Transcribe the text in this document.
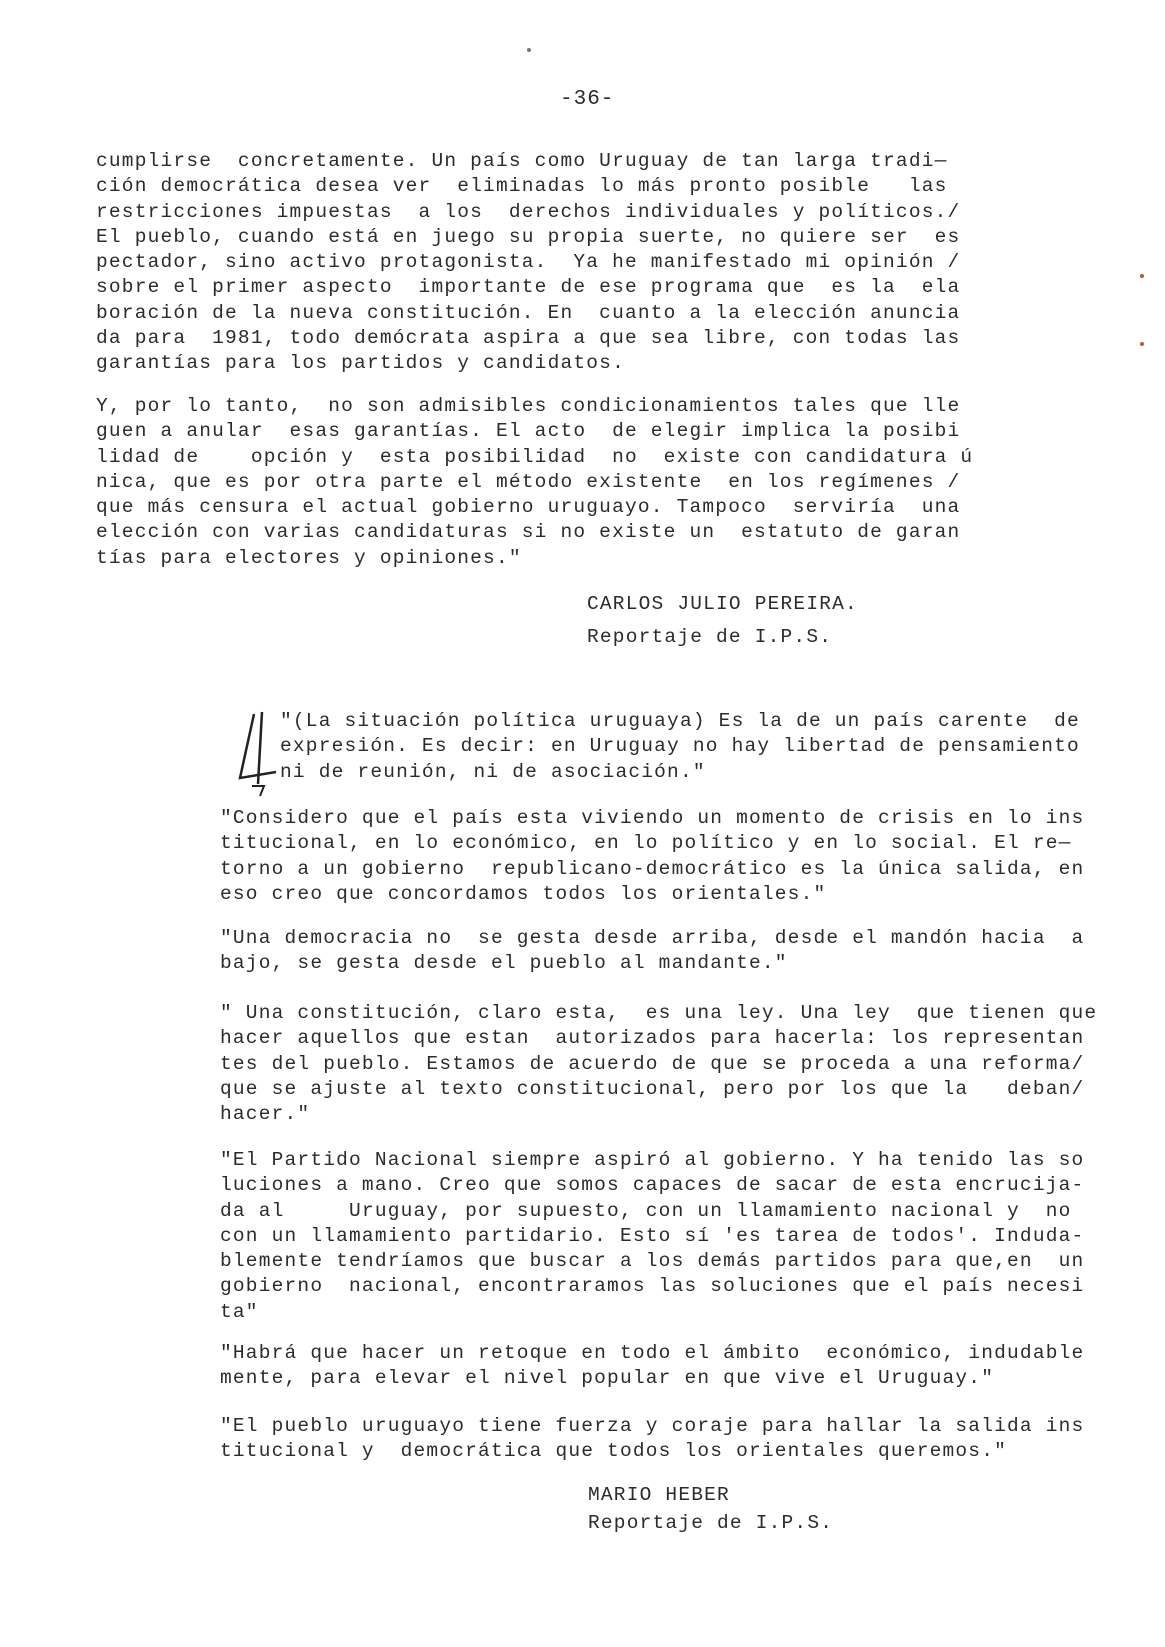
-36-
cumplirse  concretamente. Un país como Uruguay de tan larga tradi—
ción democrática desea ver  eliminadas lo más pronto posible   las
restricciones impuestas  a los  derechos individuales y políticos./
El pueblo, cuando está en juego su propia suerte, no quiere ser  es
pectador, sino activo protagonista.  Ya he manifestado mi opinión /
sobre el primer aspecto  importante de ese programa que  es la  ela
boración de la nueva constitución. En  cuanto a la elección anuncia
da para  1981, todo demócrata aspira a que sea libre, con todas las
garantías para los partidos y candidatos.
Y, por lo tanto,  no son admisibles condicionamientos tales que lle
guen a anular  esas garantías. El acto  de elegir implica la posibi
lidad de    opción y  esta posibilidad  no  existe con candidatura ú
nica, que es por otra parte el método existente  en los regímenes /
que más censura el actual gobierno uruguayo. Tampoco  serviría  una
elección con varias candidaturas si no existe un  estatuto de garan
tías para electores y opiniones."
CARLOS JULIO PEREIRA.
Reportaje de I.P.S.
"(La situación política uruguaya) Es la de un país carente  de
expresión. Es decir: en Uruguay no hay libertad de pensamiento
ni de reunión, ni de asociación."
"Considero que el país esta viviendo un momento de crisis en lo ins
titucional, en lo económico, en lo político y en lo social. El re—
torno a un gobierno  republicano-democrático es la única salida, en
eso creo que concordamos todos los orientales."
"Una democracia no  se gesta desde arriba, desde el mandón hacia  a
bajo, se gesta desde el pueblo al mandante."
" Una constitución, claro esta,  es una ley. Una ley  que tienen que
hacer aquellos que estan  autorizados para hacerla: los representan
tes del pueblo. Estamos de acuerdo de que se proceda a una reforma/
que se ajuste al texto constitucional, pero por los que la   deban/
hacer."
"El Partido Nacional siempre aspiró al gobierno. Y ha tenido las so
luciones a mano. Creo que somos capaces de sacar de esta encrucija-
da al     Uruguay, por supuesto, con un llamamiento nacional y  no
con un llamamiento partidario. Esto sí 'es tarea de todos'. Induda-
blemente tendríamos que buscar a los demás partidos para que,en  un
gobierno  nacional, encontraramos las soluciones que el país necesi
ta"
"Habrá que hacer un retoque en todo el ámbito  económico, indudable
mente, para elevar el nivel popular en que vive el Uruguay."
"El pueblo uruguayo tiene fuerza y coraje para hallar la salida ins
titucional y  democrática que todos los orientales queremos."
MARIO HEBER
Reportaje de I.P.S.
